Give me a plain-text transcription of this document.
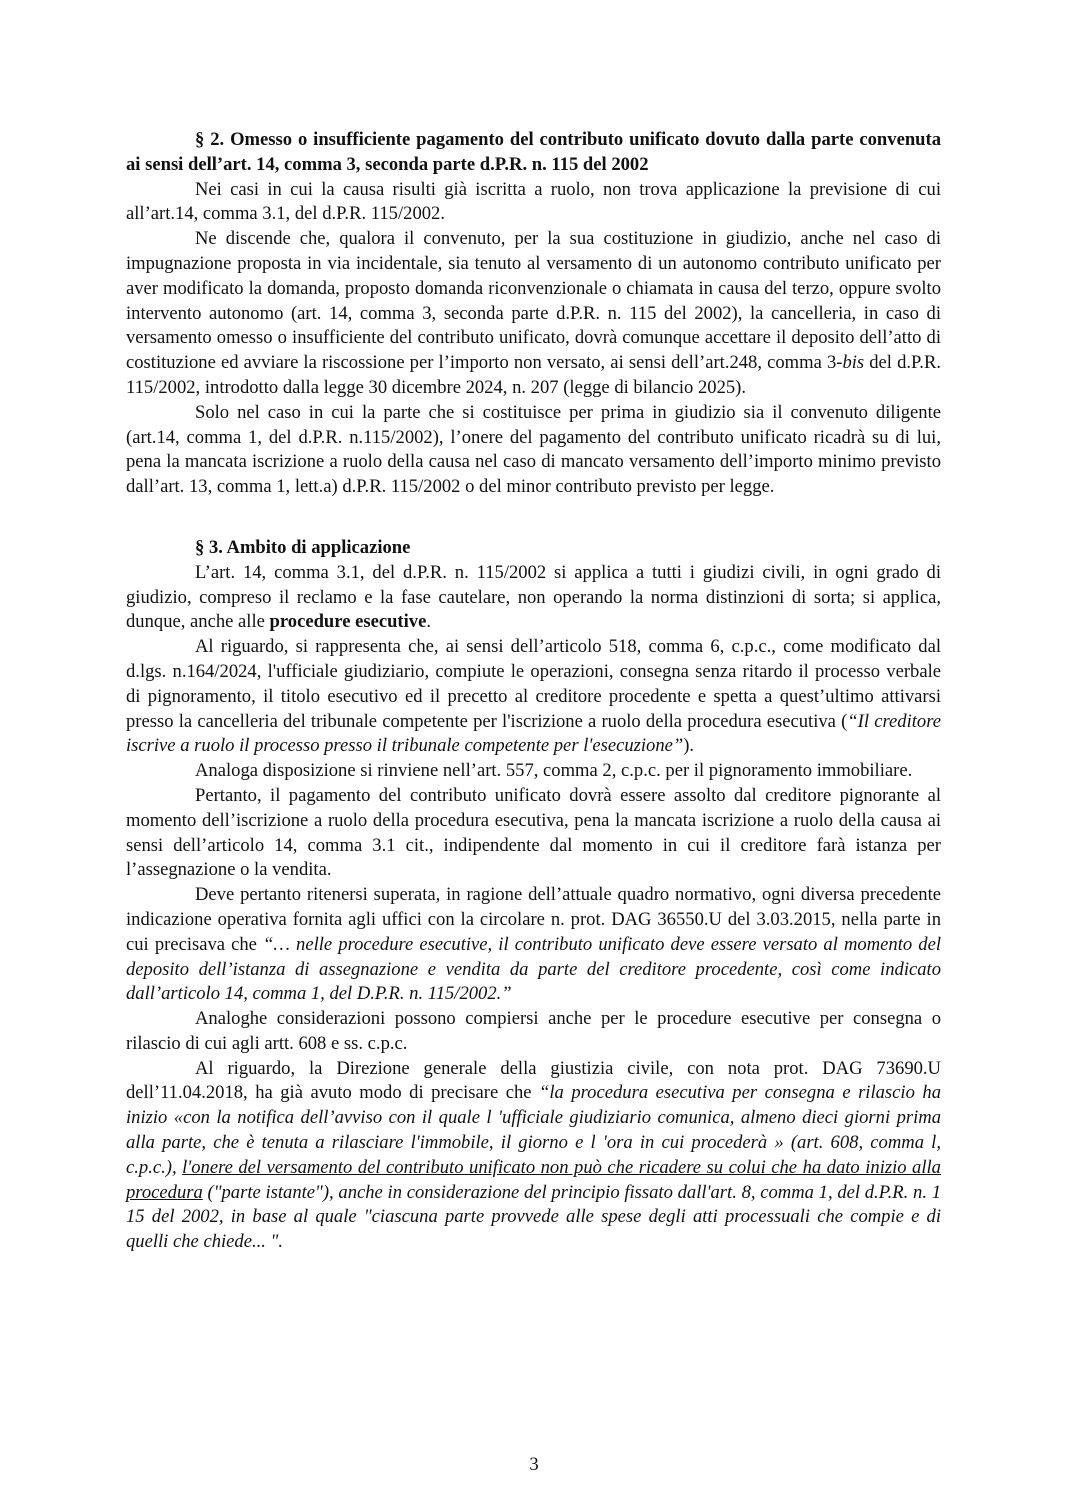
§ 2. Omesso o insufficiente pagamento del contributo unificato dovuto dalla parte convenuta ai sensi dell’art. 14, comma 3, seconda parte d.P.R. n. 115 del 2002

Nei casi in cui la causa risulti già iscritta a ruolo, non trova applicazione la previsione di cui all’art.14, comma 3.1, del d.P.R. 115/2002.

Ne discende che, qualora il convenuto, per la sua costituzione in giudizio, anche nel caso di impugnazione proposta in via incidentale, sia tenuto al versamento di un autonomo contributo unificato per aver modificato la domanda, proposto domanda riconvenzionale o chiamata in causa del terzo, oppure svolto intervento autonomo (art. 14, comma 3, seconda parte d.P.R. n. 115 del 2002), la cancelleria, in caso di versamento omesso o insufficiente del contributo unificato, dovrà comunque accettare il deposito dell’atto di costituzione ed avviare la riscossione per l’importo non versato, ai sensi dell’art.248, comma 3-bis del d.P.R. 115/2002, introdotto dalla legge 30 dicembre 2024, n. 207 (legge di bilancio 2025).

Solo nel caso in cui la parte che si costituisce per prima in giudizio sia il convenuto diligente (art.14, comma 1, del d.P.R. n.115/2002), l’onere del pagamento del contributo unificato ricadrà su di lui, pena la mancata iscrizione a ruolo della causa nel caso di mancato versamento dell’importo minimo previsto dall’art. 13, comma 1, lett.a) d.P.R. 115/2002 o del minor contributo previsto per legge.

§ 3. Ambito di applicazione

L’art. 14, comma 3.1, del d.P.R. n. 115/2002 si applica a tutti i giudizi civili, in ogni grado di giudizio, compreso il reclamo e la fase cautelare, non operando la norma distinzioni di sorta; si applica, dunque, anche alle procedure esecutive.

Al riguardo, si rappresenta che, ai sensi dell’articolo 518, comma 6, c.p.c., come modificato dal d.lgs. n.164/2024, l'ufficiale giudiziario, compiute le operazioni, consegna senza ritardo il processo verbale di pignoramento, il titolo esecutivo ed il precetto al creditore procedente e spetta a quest’ultimo attivarsi presso la cancelleria del tribunale competente per l'iscrizione a ruolo della procedura esecutiva (“Il creditore iscrive a ruolo il processo presso il tribunale competente per l'esecuzione”).

Analoga disposizione si rinviene nell’art. 557, comma 2, c.p.c. per il pignoramento immobiliare.

Pertanto, il pagamento del contributo unificato dovrà essere assolto dal creditore pignorante al momento dell’iscrizione a ruolo della procedura esecutiva, pena la mancata iscrizione a ruolo della causa ai sensi dell’articolo 14, comma 3.1 cit., indipendente dal momento in cui il creditore farà istanza per l’assegnazione o la vendita.

Deve pertanto ritenersi superata, in ragione dell’attuale quadro normativo, ogni diversa precedente indicazione operativa fornita agli uffici con la circolare n. prot. DAG 36550.U del 3.03.2015, nella parte in cui precisava che “… nelle procedure esecutive, il contributo unificato deve essere versato al momento del deposito dell’istanza di assegnazione e vendita da parte del creditore procedente, così come indicato dall’articolo 14, comma 1, del D.P.R. n. 115/2002.”

Analoghe considerazioni possono compiersi anche per le procedure esecutive per consegna o rilascio di cui agli artt. 608 e ss. c.p.c.

Al riguardo, la Direzione generale della giustizia civile, con nota prot. DAG 73690.U dell’11.04.2018, ha già avuto modo di precisare che “la procedura esecutiva per consegna e rilascio ha inizio «con la notifica dell’avviso con il quale l 'ufficiale giudiziario comunica, almeno dieci giorni prima alla parte, che è tenuta a rilasciare l'immobile, il giorno e l 'ora in cui procederà » (art. 608, comma l, c.p.c.), l'onere del versamento del contributo unificato non può che ricadere su colui che ha dato inizio alla procedura ("parte istante"), anche in considerazione del principio fissato dall'art. 8, comma 1, del d.P.R. n. 1 15 del 2002, in base al quale "ciascuna parte provvede alle spese degli atti processuali che compie e di quelli che chiede... ".

3
